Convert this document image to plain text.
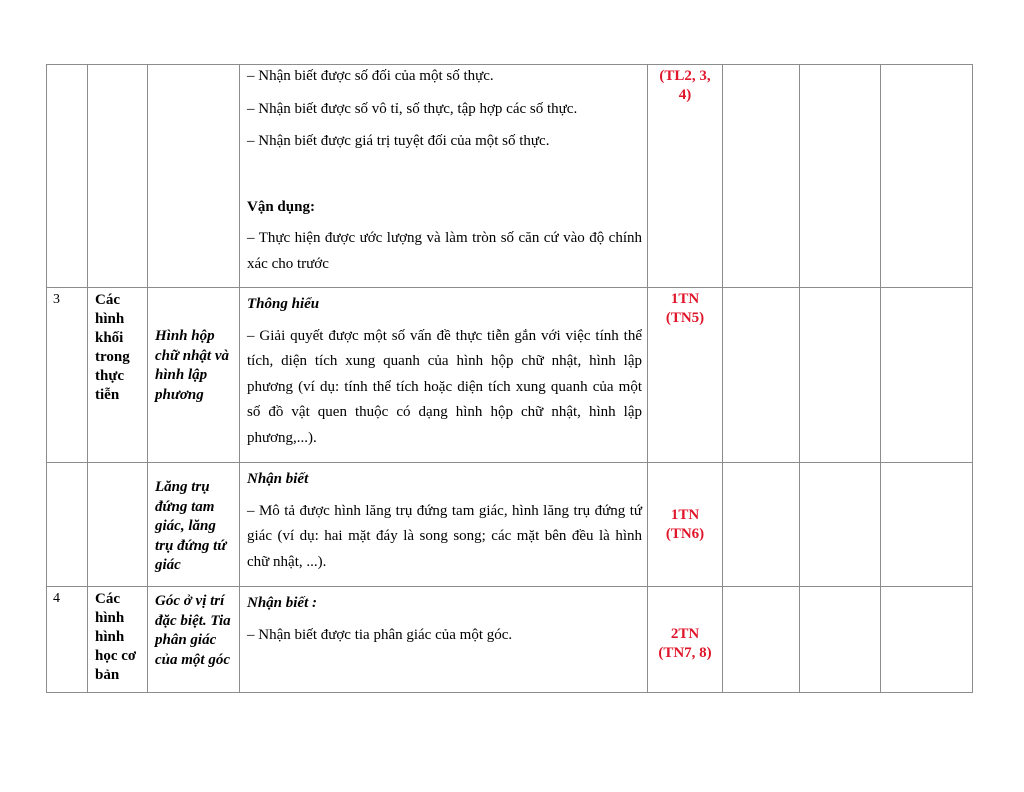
			– Nhận biết được số đối của một số thực.

– Nhận biết được số vô tỉ, số thực, tập hợp các số thực.

– Nhận biết được giá trị tuyệt đối của một số thực.

Vận dụng:

– Thực hiện được ước lượng và làm tròn số căn cứ vào độ chính xác cho trước	(TL2, 3, 4)			

3	Các hình khối trong thực tiễn	Hình hộp chữ nhật và hình lập phương	Thông hiểu

– Giải quyết được một số vấn đề thực tiễn gắn với việc tính thể tích, diện tích xung quanh của hình hộp chữ nhật, hình lập phương (ví dụ: tính thể tích hoặc diện tích xung quanh của một số đồ vật quen thuộc có dạng hình hộp chữ nhật, hình lập phương,...).	1TN (TN5)			

		Lăng trụ đứng tam giác, lăng trụ đứng tứ giác	Nhận biết

– Mô tả được hình lăng trụ đứng tam giác, hình lăng trụ đứng tứ giác (ví dụ: hai mặt đáy là song song; các mặt bên đều là hình chữ nhật, ...).	1TN (TN6)			

4	Các hình hình học cơ bản	Góc ở vị trí đặc biệt. Tia phân giác của một góc	Nhận biết :

– Nhận biết được tia phân giác của một góc.	2TN (TN7, 8)			
